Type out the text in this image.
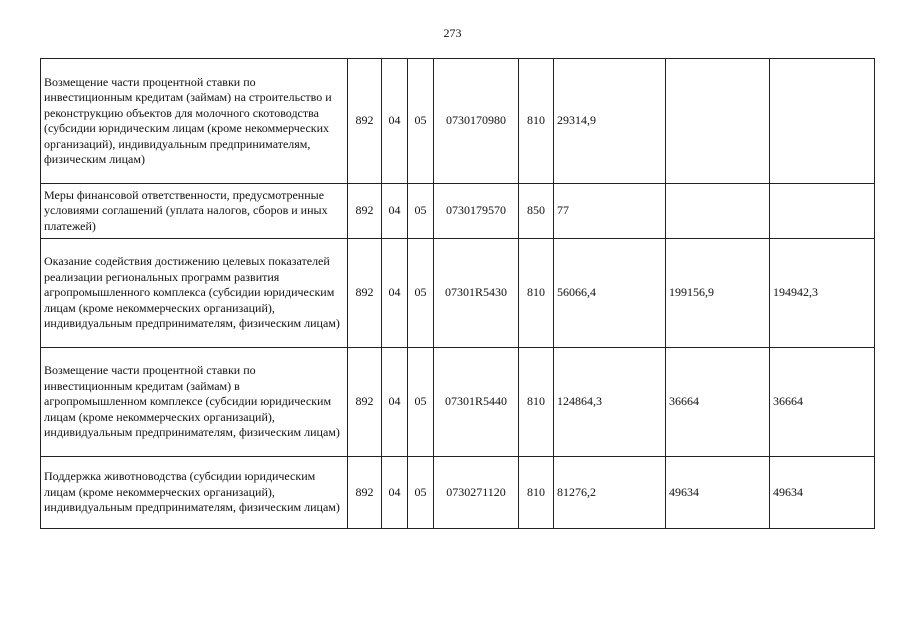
273
Возмещение части процентной ставки по инвестиционным кредитам (займам) на строительство и реконструкцию объектов для молочного скотоводства (субсидии юридическим лицам (кроме некоммерческих организаций), индивидуальным предпринимателям, физическим лицам)	892	04	05	0730170980	810	29314,9		
Меры финансовой ответственности, предусмотренные условиями соглашений (уплата налогов, сборов и иных платежей)	892	04	05	0730179570	850	77		
Оказание содействия достижению целевых показателей реализации региональных программ развития агропромышленного комплекса (субсидии юридическим лицам (кроме некоммерческих организаций), индивидуальным предпринимателям, физическим лицам)	892	04	05	07301R5430	810	56066,4	199156,9	194942,3
Возмещение части процентной ставки по инвестиционным кредитам (займам) в агропромышленном комплексе (субсидии юридическим лицам (кроме некоммерческих организаций), индивидуальным предпринимателям, физическим лицам)	892	04	05	07301R5440	810	124864,3	36664	36664
Поддержка животноводства (субсидии юридическим лицам (кроме некоммерческих организаций), индивидуальным предпринимателям, физическим лицам)	892	04	05	0730271120	810	81276,2	49634	49634
